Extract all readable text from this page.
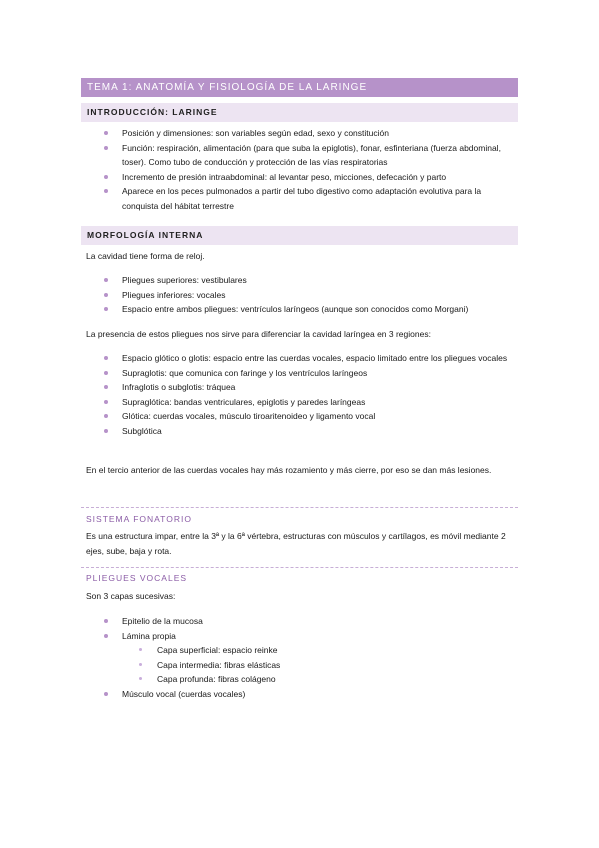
TEMA 1: ANATOMÍA Y FISIOLOGÍA DE LA LARINGE
INTRODUCCIÓN: LARINGE
Posición y dimensiones: son variables según edad, sexo y constitución
Función: respiración, alimentación (para que suba la epiglotis), fonar, esfinteriana (fuerza abdominal, toser). Como tubo de conducción y protección de las vías respiratorias
Incremento de presión intraabdominal: al levantar peso, micciones, defecación y parto
Aparece en los peces pulmonados a partir del tubo digestivo como adaptación evolutiva para la conquista del hábitat terrestre
MORFOLOGÍA INTERNA
La cavidad tiene forma de reloj.
Pliegues superiores: vestibulares
Pliegues inferiores: vocales
Espacio entre ambos pliegues: ventrículos laríngeos (aunque son conocidos como Morgani)
La presencia de estos pliegues nos sirve para diferenciar la cavidad laríngea en 3 regiones:
Espacio glótico o glotis: espacio entre las cuerdas vocales, espacio limitado entre los pliegues vocales
Supraglotis: que comunica con faringe y los ventrículos laríngeos
Infraglotis o subglotis: tráquea
Supraglótica: bandas ventriculares, epiglotis y paredes laríngeas
Glótica: cuerdas vocales, músculo tiroaritenoideo y ligamento vocal
Subglótica
En el tercio anterior de las cuerdas vocales hay más rozamiento y más cierre, por eso se dan más lesiones.
SISTEMA FONATORIO
Es una estructura impar, entre la 3ª y la 6ª vértebra, estructuras con músculos y cartílagos, es móvil mediante 2 ejes, sube, baja y rota.
PLIEGUES VOCALES
Son 3 capas sucesivas:
Epitelio de la mucosa
Lámina propia
Capa superficial: espacio reinke
Capa intermedia: fibras elásticas
Capa profunda: fibras colágeno
Músculo vocal (cuerdas vocales)
